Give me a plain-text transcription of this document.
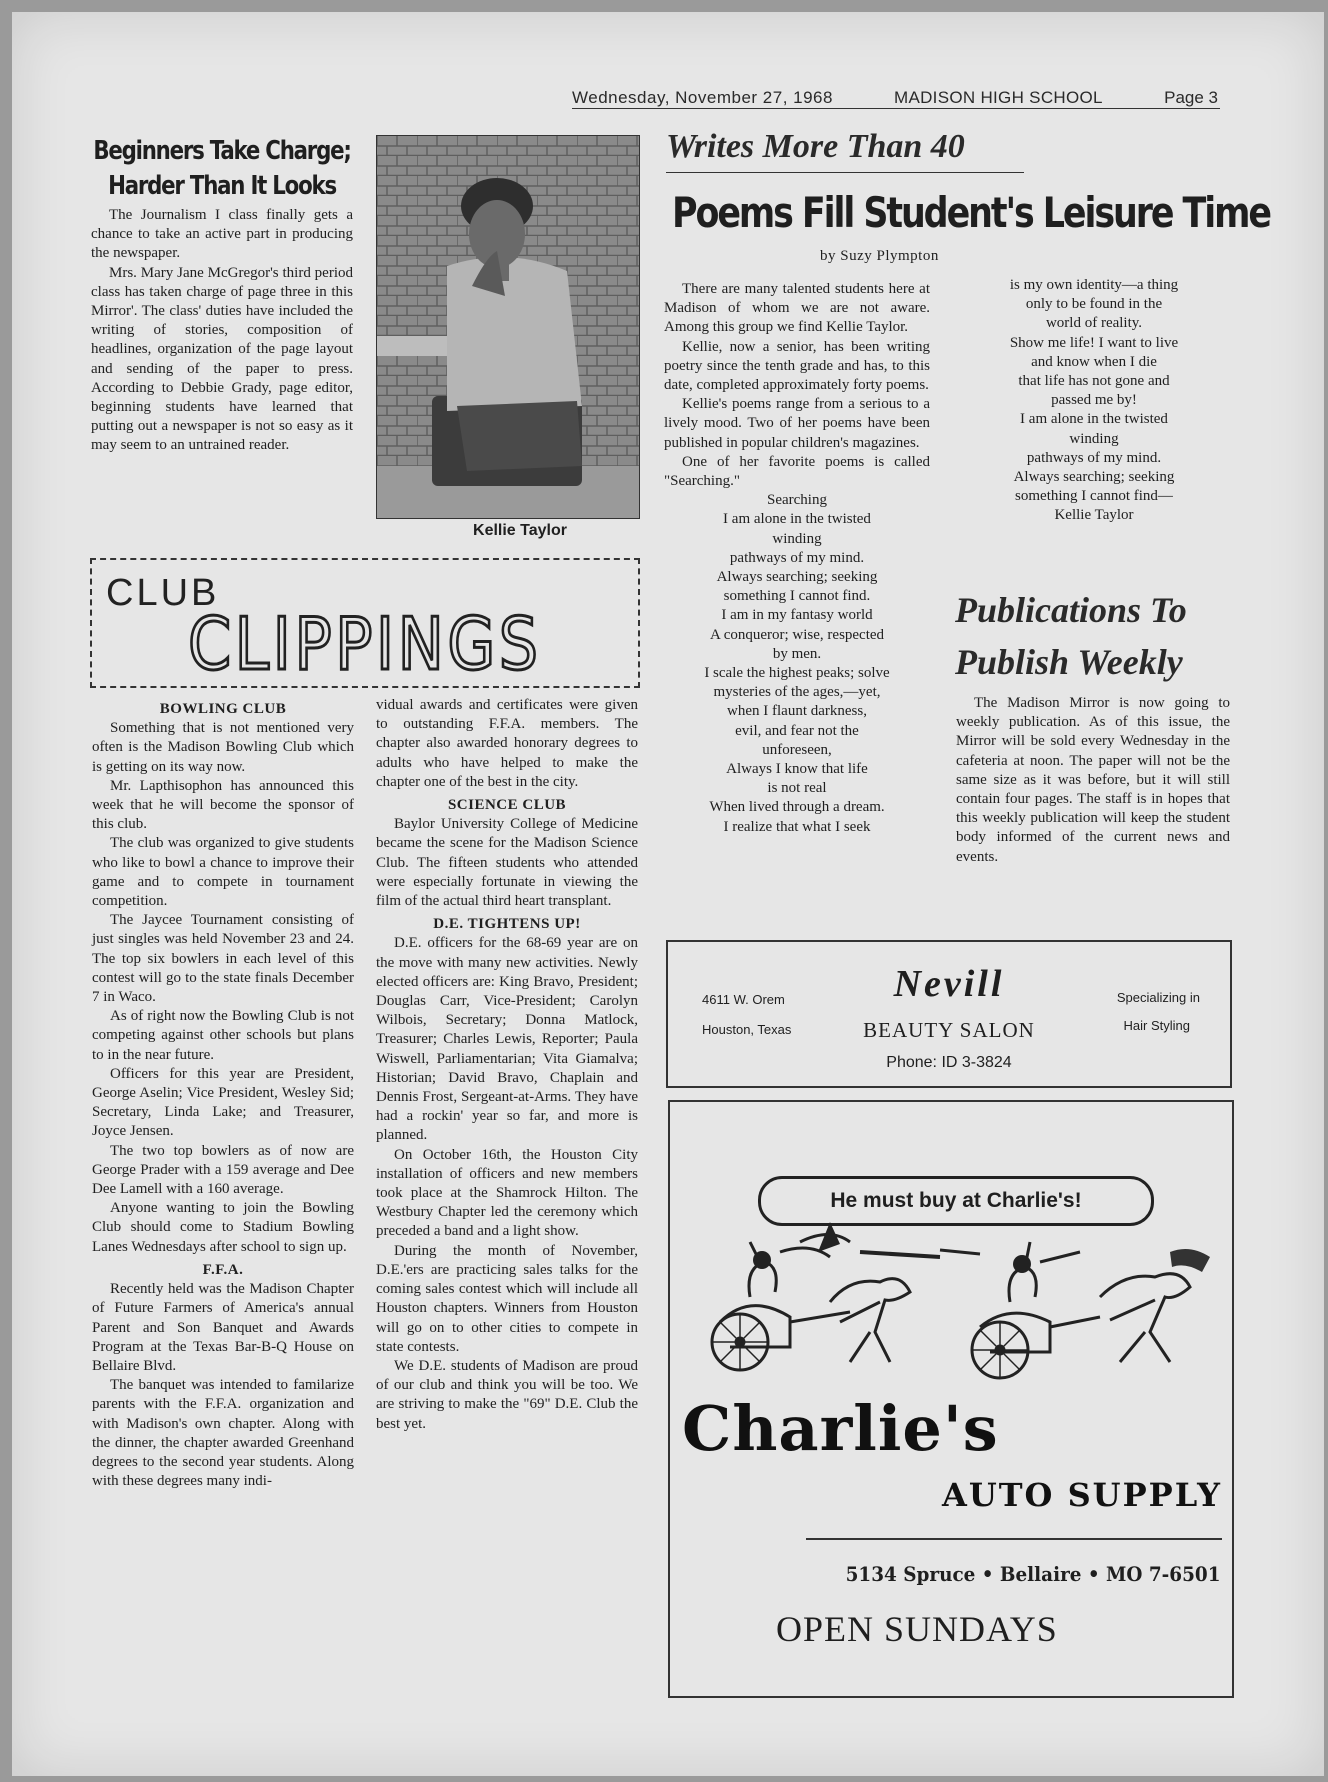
Wednesday, November 27, 1968	MADISON HIGH SCHOOL	Page 3
Beginners Take Charge;
Harder Than It Looks

The Journalism I class finally gets a chance to take an active part in producing the newspaper.

Mrs. Mary Jane McGregor's third period class has taken charge of page three in this Mirror'. The class' duties have included the writing of stories, composition of headlines, organization of the page layout and sending of the paper to press. According to Debbie Grady, page editor, beginning students have learned that putting out a newspaper is not so easy as it may seem to an untrained reader.

Kellie Taylor
CLUB
CLIPPINGS

BOWLING CLUB

Something that is not mentioned very often is the Madison Bowling Club which is getting on its way now.

Mr. Lapthisophon has announced this week that he will become the sponsor of this club.

The club was organized to give students who like to bowl a chance to improve their game and to compete in tournament competition.

The Jaycee Tournament consisting of just singles was held November 23 and 24. The top six bowlers in each level of this contest will go to the state finals December 7 in Waco.

As of right now the Bowling Club is not competing against other schools but plans to in the near future.

Officers for this year are President, George Aselin; Vice President, Wesley Sid; Secretary, Linda Lake; and Treasurer, Joyce Jensen.

The two top bowlers as of now are George Prader with a 159 average and Dee Dee Lamell with a 160 average.

Anyone wanting to join the Bowling Club should come to Stadium Bowling Lanes Wednesdays after school to sign up.

F.F.A.

Recently held was the Madison Chapter of Future Farmers of America's annual Parent and Son Banquet and Awards Program at the Texas Bar-B-Q House on Bellaire Blvd.

The banquet was intended to familarize parents with the F.F.A. organization and with Madison's own chapter. Along with the dinner, the chapter awarded Greenhand degrees to the second year students. Along with these degrees many indi-

vidual awards and certificates were given to outstanding F.F.A. members. The chapter also awarded honorary degrees to adults who have helped to make the chapter one of the best in the city.

SCIENCE CLUB

Baylor University College of Medicine became the scene for the Madison Science Club. The fifteen students who attended were especially fortunate in viewing the film of the actual third heart transplant.

D.E. TIGHTENS UP!

D.E. officers for the 68-69 year are on the move with many new activities. Newly elected officers are: King Bravo, President; Douglas Carr, Vice-President; Carolyn Wilbois, Secretary; Donna Matlock, Treasurer; Charles Lewis, Reporter; Paula Wiswell, Parliamentarian; Vita Giamalva; Historian; David Bravo, Chaplain and Dennis Frost, Sergeant-at-Arms. They have had a rockin' year so far, and more is planned.

On October 16th, the Houston City installation of officers and new members took place at the Shamrock Hilton. The Westbury Chapter led the ceremony which preceded a band and a light show.

During the month of November, D.E.'ers are practicing sales talks for the coming sales contest which will include all Houston chapters. Winners from Houston will go on to other cities to compete in state contests.

We D.E. students of Madison are proud of our club and think you will be too. We are striving to make the "69" D.E. Club the best yet.

Writes More Than 40
Poems Fill Student's Leisure Time
by Suzy Plympton

There are many talented students here at Madison of whom we are not aware. Among this group we find Kellie Taylor.

Kellie, now a senior, has been writing poetry since the tenth grade and has, to this date, completed approximately forty poems.

Kellie's poems range from a serious to a lively mood. Two of her poems have been published in popular children's magazines.

One of her favorite poems is called "Searching."

Searching

I am alone in the twisted

winding

pathways of my mind.

Always searching; seeking

something I cannot find.

I am in my fantasy world

A conqueror; wise, respected

by men.

I scale the highest peaks; solve

mysteries of the ages,—yet,

when I flaunt darkness,

evil, and fear not the

unforeseen,

Always I know that life

is not real

When lived through a dream.

I realize that what I seek

is my own identity—a thing

only to be found in the

world of reality.

Show me life! I want to live

and know when I die

that life has not gone and

passed me by!

I am alone in the twisted

winding

pathways of my mind.

Always searching; seeking

something I cannot find—

Kellie Taylor

Publications To
Publish Weekly

The Madison Mirror is now going to weekly publication. As of this issue, the Mirror will be sold every Wednesday in the cafeteria at noon. The paper will not be the same size as it was before, but it will still contain four pages. The staff is in hopes that this weekly publication will keep the student body informed of the current news and events.

4611 W. Orem
Houston, Texas
Nevill
BEAUTY SALON
Phone: ID 3-3824
Specializing in
Hair Styling
He must buy at Charlie's!
Charlie's
AUTO SUPPLY
5134 Spruce • Bellaire • MO 7-6501
OPEN SUNDAYS
